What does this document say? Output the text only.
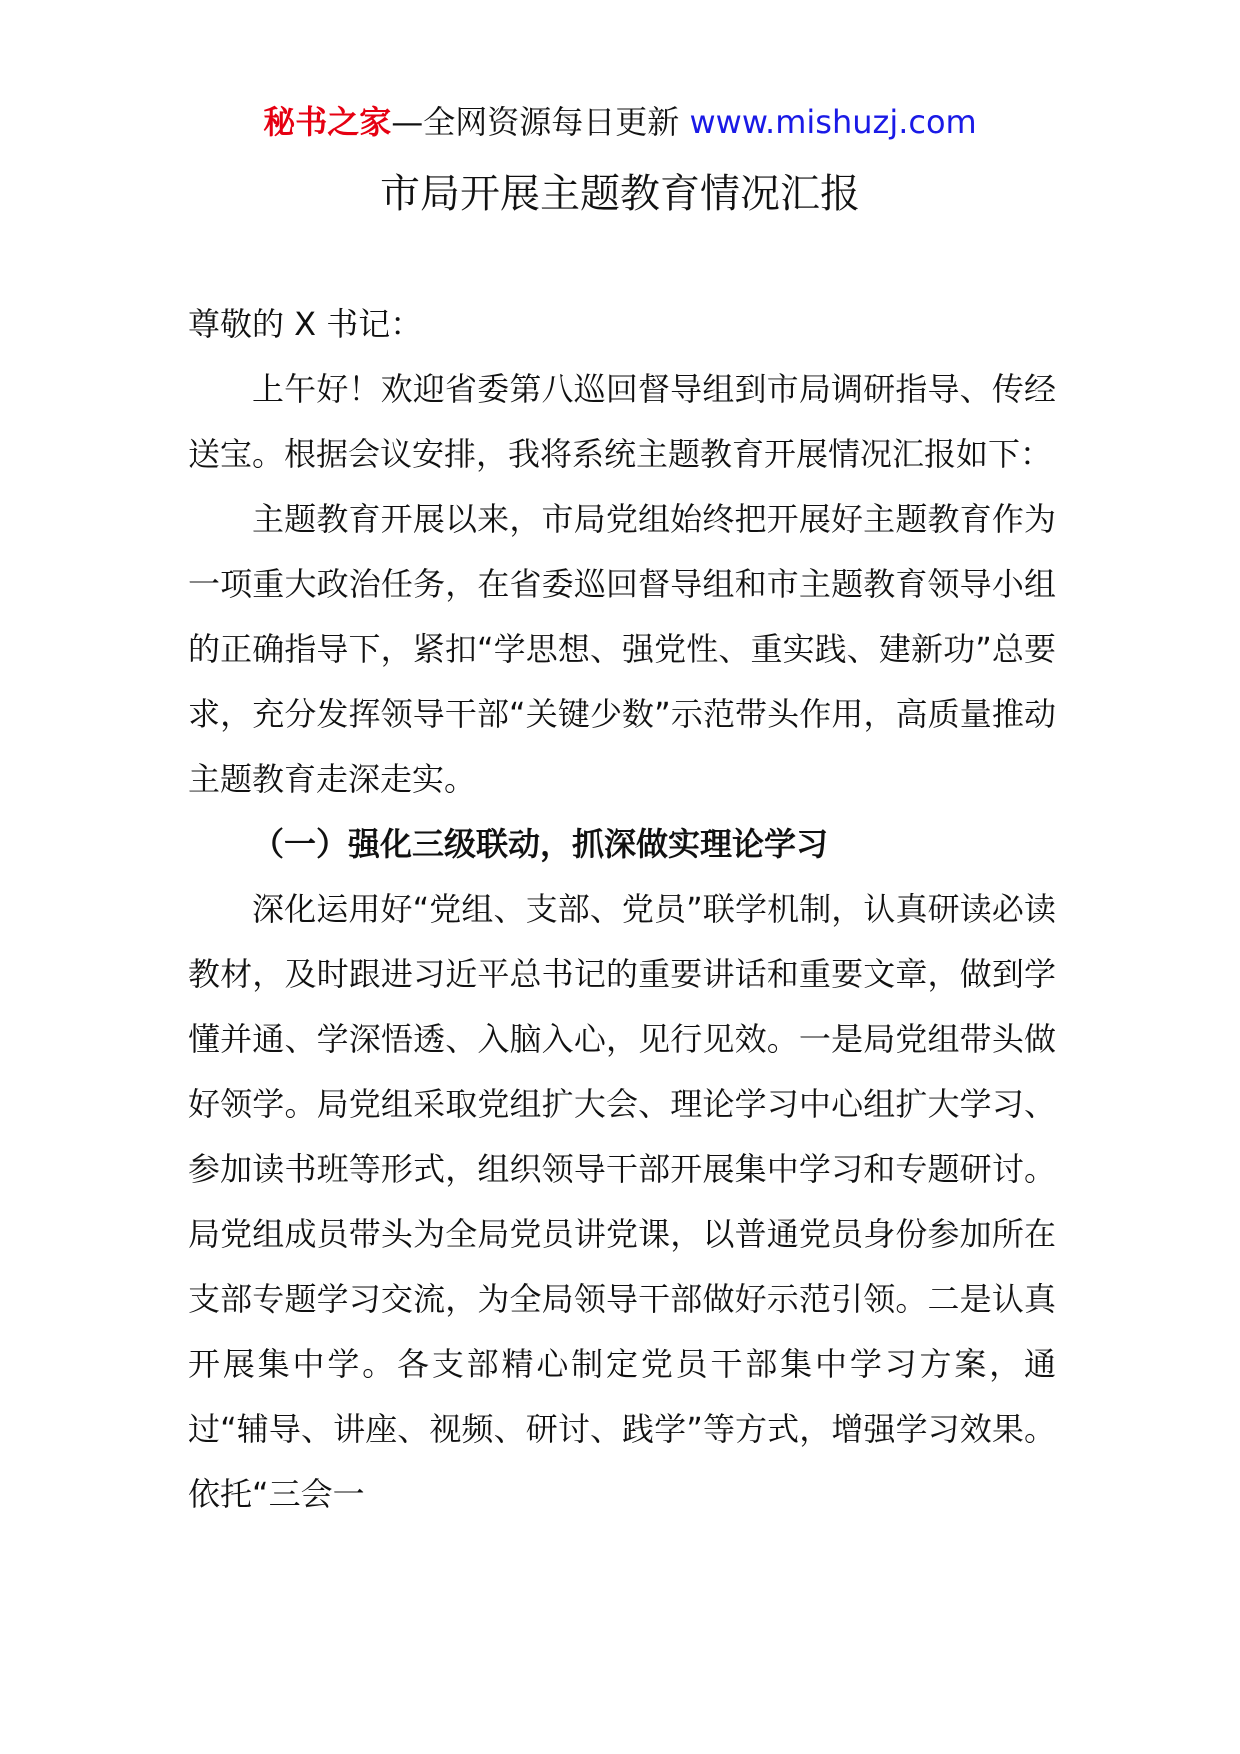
秘书之家—全网资源每日更新 www.mishuzj.com
市局开展主题教育情况汇报

尊敬的 X 书记：

上午好！欢迎省委第八巡回督导组到市局调研指导、传经送宝。根据会议安排，我将系统主题教育开展情况汇报如下：

主题教育开展以来，市局党组始终把开展好主题教育作为一项重大政治任务，在省委巡回督导组和市主题教育领导小组的正确指导下，紧扣“学思想、强党性、重实践、建新功”总要求，充分发挥领导干部“关键少数”示范带头作用，高质量推动主题教育走深走实。

（一）强化三级联动，抓深做实理论学习

深化运用好“党组、支部、党员”联学机制，认真研读必读教材，及时跟进习近平总书记的重要讲话和重要文章，做到学懂并通、学深悟透、入脑入心，见行见效。一是局党组带头做好领学。局党组采取党组扩大会、理论学习中心组扩大学习、参加读书班等形式，组织领导干部开展集中学习和专题研讨。局党组成员带头为全局党员讲党课，以普通党员身份参加所在支部专题学习交流，为全局领导干部做好示范引领。二是认真开展集中学。各支部精心制定党员干部集中学习方案，通过“辅导、讲座、视频、研讨、践学”等方式，增强学习效果。依托“三会一
